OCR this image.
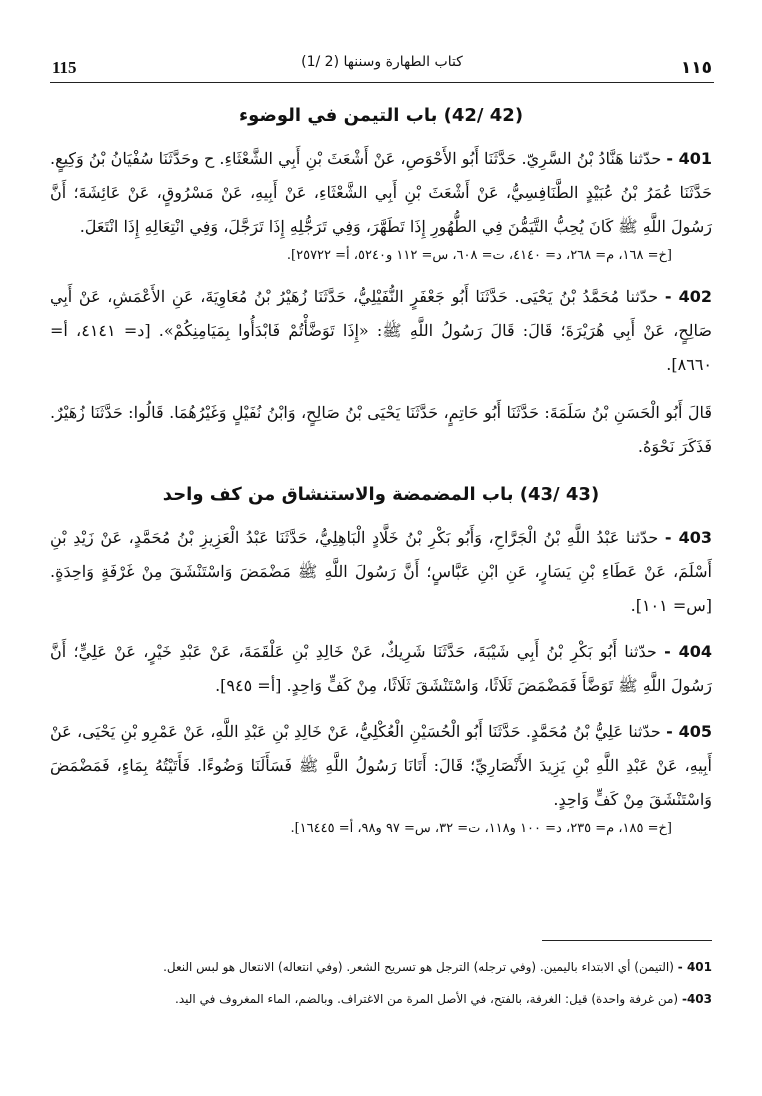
115	(1/ 2) كتاب الطهارة وسننها	١١٥
(42 /42) باب التيمن في الوضوء

401 - حدّثنا هَنَّادُ بْنُ السَّرِيّ. حَدَّثَنَا أَبُو الأَحْوَصِ، عَنْ أَشْعَثَ بْنِ أَبِي الشَّعْثَاءِ. ح وحَدَّثَنَا سُفْيَانُ بْنُ وَكِيعٍ. حَدَّثَنَا عُمَرُ بْنُ عُبَيْدٍ الطَّنَافِسِيُّ، عَنْ أَشْعَثَ بْنِ أَبِي الشَّعْثَاءِ، عَنْ أَبِيهِ، عَنْ مَسْرُوقٍ، عَنْ عَائِشَةَ؛ أَنَّ رَسُولَ اللَّهِ ﷺ كَانَ يُحِبُّ التَّيَمُّنَ فِي الطُّهُورِ إِذَا تَطَهَّرَ، وَفِي تَرَجُّلِهِ إِذَا تَرَجَّلَ، وَفِي انْتِعَالِهِ إِذَا انْتَعَلَ.

[خ= ١٦٨، م= ٢٦٨، د= ٤١٤٠، ت= ٦٠٨، س= ١١٢ و٥٢٤٠، أ= ٢٥٧٢٢].

402 - حدّثنا مُحَمَّدُ بْنُ يَحْيَى. حَدَّثَنَا أَبُو جَعْفَرٍ النُّفَيْلِيُّ، حَدَّثَنَا زُهَيْرُ بْنُ مُعَاوِيَةَ، عَنِ الأَعْمَشِ، عَنْ أَبِي صَالِحٍ، عَنْ أَبِي هُرَيْرَةَ؛ قَالَ: قَالَ رَسُولُ اللَّهِ ﷺ: «إِذَا تَوَضَّأْتُمْ فَابْدَأُوا بِمَيَامِنِكُمْ». [د= ٤١٤١، أ= ٨٦٦٠].

قَالَ أَبُو الْحَسَنِ بْنُ سَلَمَةَ: حَدَّثَنَا أَبُو حَاتِمٍ، حَدَّثَنَا يَحْيَى بْنُ صَالِحٍ، وَابْنُ نُفَيْلٍ وَغَيْرُهُمَا. قَالُوا: حَدَّثَنَا زُهَيْرٌ. فَذَكَرَ نَحْوَهُ.

(43 /43) باب المضمضة والاستنشاق من كف واحد

403 - حدّثنا عَبْدُ اللَّهِ بْنُ الْجَرَّاحِ، وَأَبُو بَكْرِ بْنُ خَلَّادٍ الْبَاهِلِيُّ، حَدَّثَنَا عَبْدُ الْعَزِيزِ بْنُ مُحَمَّدٍ، عَنْ زَيْدِ بْنِ أَسْلَمَ، عَنْ عَطَاءِ بْنِ يَسَارٍ، عَنِ ابْنِ عَبَّاسٍ؛ أَنَّ رَسُولَ اللَّهِ ﷺ مَضْمَضَ وَاسْتَنْشَقَ مِنْ غَرْفَةٍ وَاحِدَةٍ. [س= ١٠١].

404 - حدّثنا أَبُو بَكْرِ بْنُ أَبِي شَيْبَةَ، حَدَّثَنَا شَرِيكٌ، عَنْ خَالِدِ بْنِ عَلْقَمَةَ، عَنْ عَبْدِ خَيْرٍ، عَنْ عَلِيٍّ؛ أَنَّ رَسُولَ اللَّهِ ﷺ تَوَضَّأَ فَمَضْمَضَ ثَلَاثًا، وَاسْتَنْشَقَ ثَلَاثًا، مِنْ كَفٍّ وَاحِدٍ. [أ= ٩٤٥].

405 - حدّثنا عَلِيُّ بْنُ مُحَمَّدٍ. حَدَّثَنَا أَبُو الْحُسَيْنِ الْعُكْلِيُّ، عَنْ خَالِدِ بْنِ عَبْدِ اللَّهِ، عَنْ عَمْرِو بْنِ يَحْيَى، عَنْ أَبِيهِ، عَنْ عَبْدِ اللَّهِ بْنِ يَزِيدَ الأَنْصَارِيِّ؛ قَالَ: أَتَانَا رَسُولُ اللَّهِ ﷺ فَسَأَلَنَا وَضُوءًا. فَأَتَيْتُهُ بِمَاءٍ، فَمَضْمَضَ وَاسْتَنْشَقَ مِنْ كَفٍّ وَاحِدٍ.

[خ= ١٨٥، م= ٢٣٥، د= ١٠٠ و١١٨، ت= ٣٢، س= ٩٧ و٩٨، أ= ١٦٤٤٥].

401 - (التيمن) أي الابتداء باليمين. (وفي ترجله) الترجل هو تسريح الشعر. (وفي انتعاله) الانتعال هو لبس النعل.

403- (من غرفة واحدة) قيل: الغرفة، بالفتح، في الأصل المرة من الاغتراف. وبالضم، الماء المغروف في اليد.
